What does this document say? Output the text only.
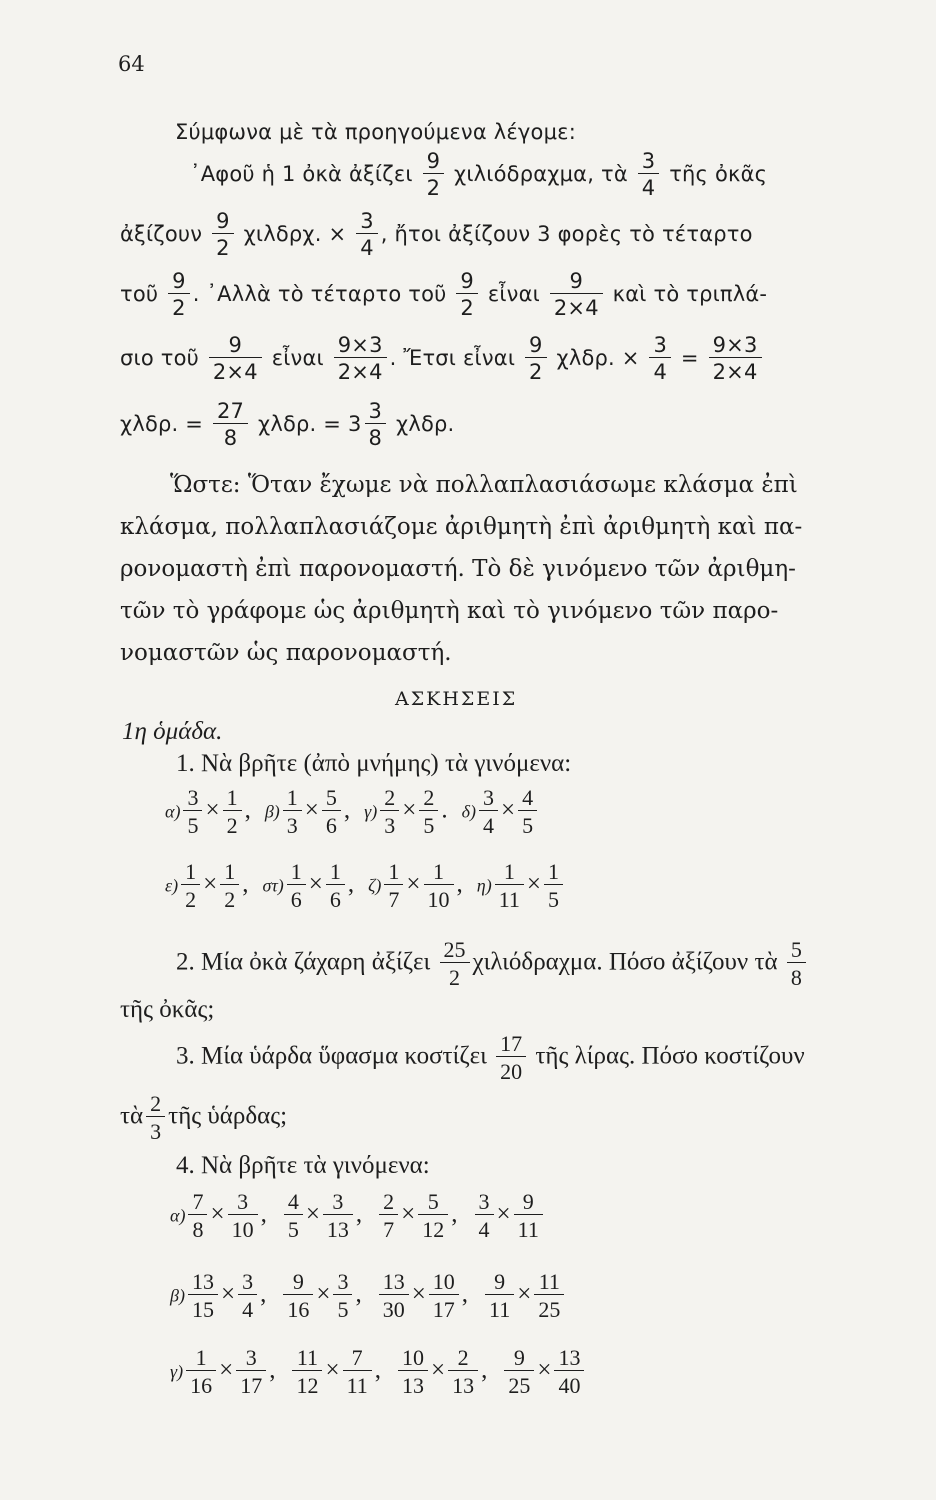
64
Σύμφωνα μὲ τὰ προηγούμενα λέγομε:
᾿Αφοῦ ἡ 1 ὀκὰ ἀξίζει $\frac{9}{2} \chi\iota\lambda\iota ό\delta\rho\alpha\chi\mu\alpha$, τὰ $\frac{3}{4}$ τῆς ὀκᾶς
ἀξίζουν $\frac{9}{2} \chi\iota\lambda\delta\rho\chi$. × $\frac{3}{4}$ , ἤτοι ἀξίζουν 3 φορὲς τὸ τέταρτο
τοῦ $\frac{9}{2}$ . ᾿Αλλὰ τὸ τέταρτο τοῦ $\frac{9}{2}$ εἶναι $\frac{9}{2\times 4}$ καὶ τὸ τριπλά-
σιο τοῦ $\frac{9}{2\times 4}$ εἶναι $\frac{9\times 3}{2\times 4}$ . Ἔτσι εἶναι $\frac{9}{2} \chi\lambda\delta\rho$. × $\frac{3}{4} = \frac{9\times 3}{2\times 4}$
χλδρ. = $\frac{27}{8} \chi\lambda\delta\rho$. = $3 \frac{3}{8} \chi\lambda\delta\rho$.
Ὥστε: Ὅταν ἔχωμε νὰ πολλαπλασιάσωμε κλάσμα ἐπὶ
κλάσμα, πολλαπλασιάζομε ἀριθμητὴ ἐπὶ ἀριθμητὴ καὶ πα-
ρονομαστὴ ἐπὶ παρονομαστή. Τὸ δὲ γινόμενο τῶν ἀριθμη-
τῶν τὸ γράφομε ὡς ἀριθμητὴ καὶ τὸ γινόμενο τῶν παρο-
νομαστῶν ὡς παρονομαστή.
ΑΣΚΗΣΕΙΣ
1η ὁμάδα.
1. Νὰ βρῆτε (ἀπὸ μνήμης) τὰ γινόμενα:
$\alpha) \frac{3}{5} \times \frac{1}{2}$ , $\beta) \frac{1}{3} \times \frac{5}{6}$ , $\gamma) \frac{2}{3} \times \frac{2}{5}$ . $\delta) \frac{3}{4} \times \frac{4}{5}$
$\varepsilon) \frac{1}{2} \times \frac{1}{2}$ , $\sigma\tau) \frac{1}{6} \times \frac{1}{6}$ , $\zeta) \frac{1}{7} \times \frac{1}{10}$ , $\eta) \frac{1}{11} \times \frac{1}{5}$
2. Μία ὀκὰ ζάχαρη ἀξίζει $\frac{25}{2} \chi\iota\lambda\iota ό\delta\rho\alpha\chi\mu\alpha$. Πόσο ἀξίζουν τὰ $\frac{5}{8}$
τῆς ὀκᾶς;
3. Μία ὑάρδα ὕφασμα κοστίζει $\frac{17}{20}$ τῆς λίρας. Πόσο κοστίζουν
τὰ $\frac{2}{3}$ τῆς ὑάρδας;
4. Νὰ βρῆτε τὰ γινόμενα:
$\alpha) \frac{7}{8} \times \frac{3}{10}$ , $\frac{4}{5} \times \frac{3}{13}$ , $\frac{2}{7} \times \frac{5}{12}$ , $\frac{3}{4} \times \frac{9}{11}$
$\beta) \frac{13}{15} \times \frac{3}{4}$ , $\frac{9}{16} \times \frac{3}{5}$ , $\frac{13}{30} \times \frac{10}{17}$ , $\frac{9}{11} \times \frac{11}{25}$
$\gamma) \frac{1}{16} \times \frac{3}{17}$ , $\frac{11}{12} \times \frac{7}{11}$ , $\frac{10}{13} \times \frac{2}{13}$ , $\frac{9}{25} \times \frac{13}{40}$
